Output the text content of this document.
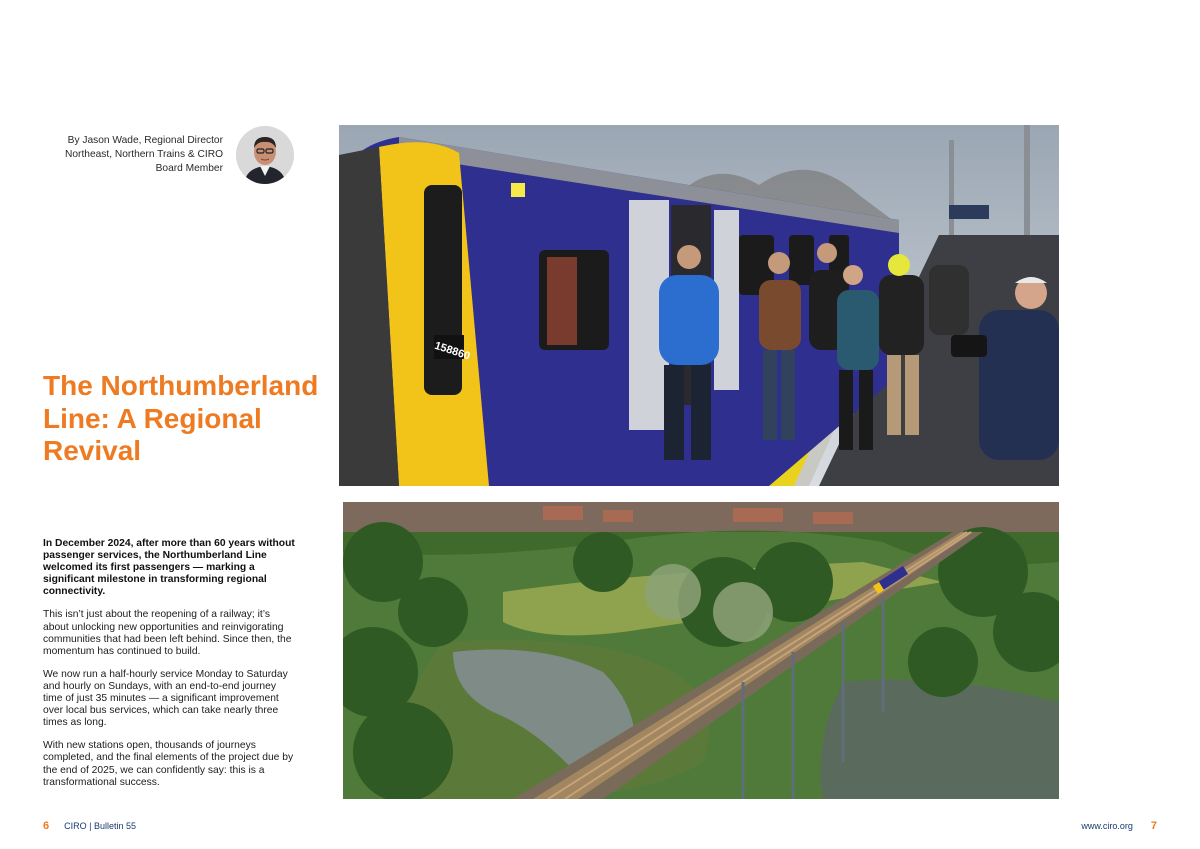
By Jason Wade, Regional Director Northeast, Northern Trains & CIRO Board Member
The Northumberland Line: A Regional Revival

In December 2024, after more than 60 years without passenger services, the Northumberland Line welcomed its first passengers — marking a significant milestone in transforming regional connectivity.

This isn’t just about the reopening of a railway; it’s about unlocking new opportunities and reinvigorating communities that had been left behind. Since then, the momentum has continued to build.

We now run a half-hourly service Monday to Saturday and hourly on Sundays, with an end-to-end journey time of just 35 minutes — a significant improvement over local bus services, which can take nearly three times as long.

With new stations open, thousands of journeys completed, and the final elements of the project due by the end of 2025, we can confidently say: this is a transformational success.

158860
6 CIRO | Bulletin 55	www.ciro.org 7
